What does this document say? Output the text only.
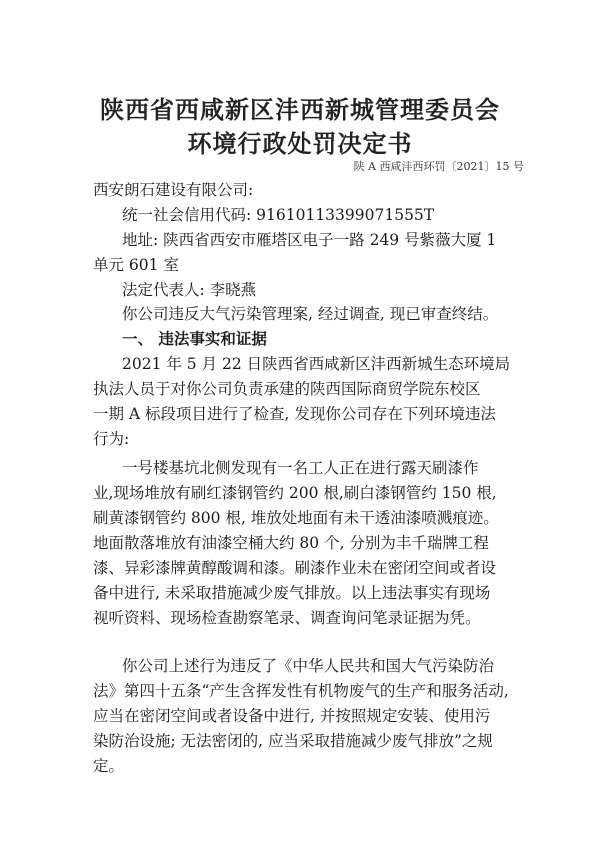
陕西省西咸新区沣西新城管理委员会
环境行政处罚决定书
陕 A 西咸沣西环罚〔2021〕15 号
西安朗石建设有限公司:
统一社会信用代码: 91610113399071555T
地址: 陕西省西安市雁塔区电子一路 249 号紫薇大厦 1
单元 601 室
法定代表人: 李晓燕
你公司违反大气污染管理案, 经过调查, 现已审查终结。
一、 违法事实和证据
2021 年 5 月 22 日陕西省西咸新区沣西新城生态环境局
执法人员于对你公司负责承建的陕西国际商贸学院东校区
一期 A 标段项目进行了检查, 发现你公司存在下列环境违法
行为:
一号楼基坑北侧发现有一名工人正在进行露天刷漆作
业,现场堆放有刷红漆钢管约 200 根,刷白漆钢管约 150 根,
刷黄漆钢管约 800 根, 堆放处地面有未干透油漆喷溅痕迹。
地面散落堆放有油漆空桶大约 80 个, 分别为丰千瑞牌工程
漆、异彩漆牌黄醇酸调和漆。刷漆作业未在密闭空间或者设
备中进行, 未采取措施减少废气排放。以上违法事实有现场
视听资料、现场检查勘察笔录、调查询问笔录证据为凭。
你公司上述行为违反了《中华人民共和国大气污染防治
法》第四十五条“产生含挥发性有机物废气的生产和服务活动,
应当在密闭空间或者设备中进行, 并按照规定安装、使用污
染防治设施; 无法密闭的, 应当采取措施减少废气排放”之规
定。
